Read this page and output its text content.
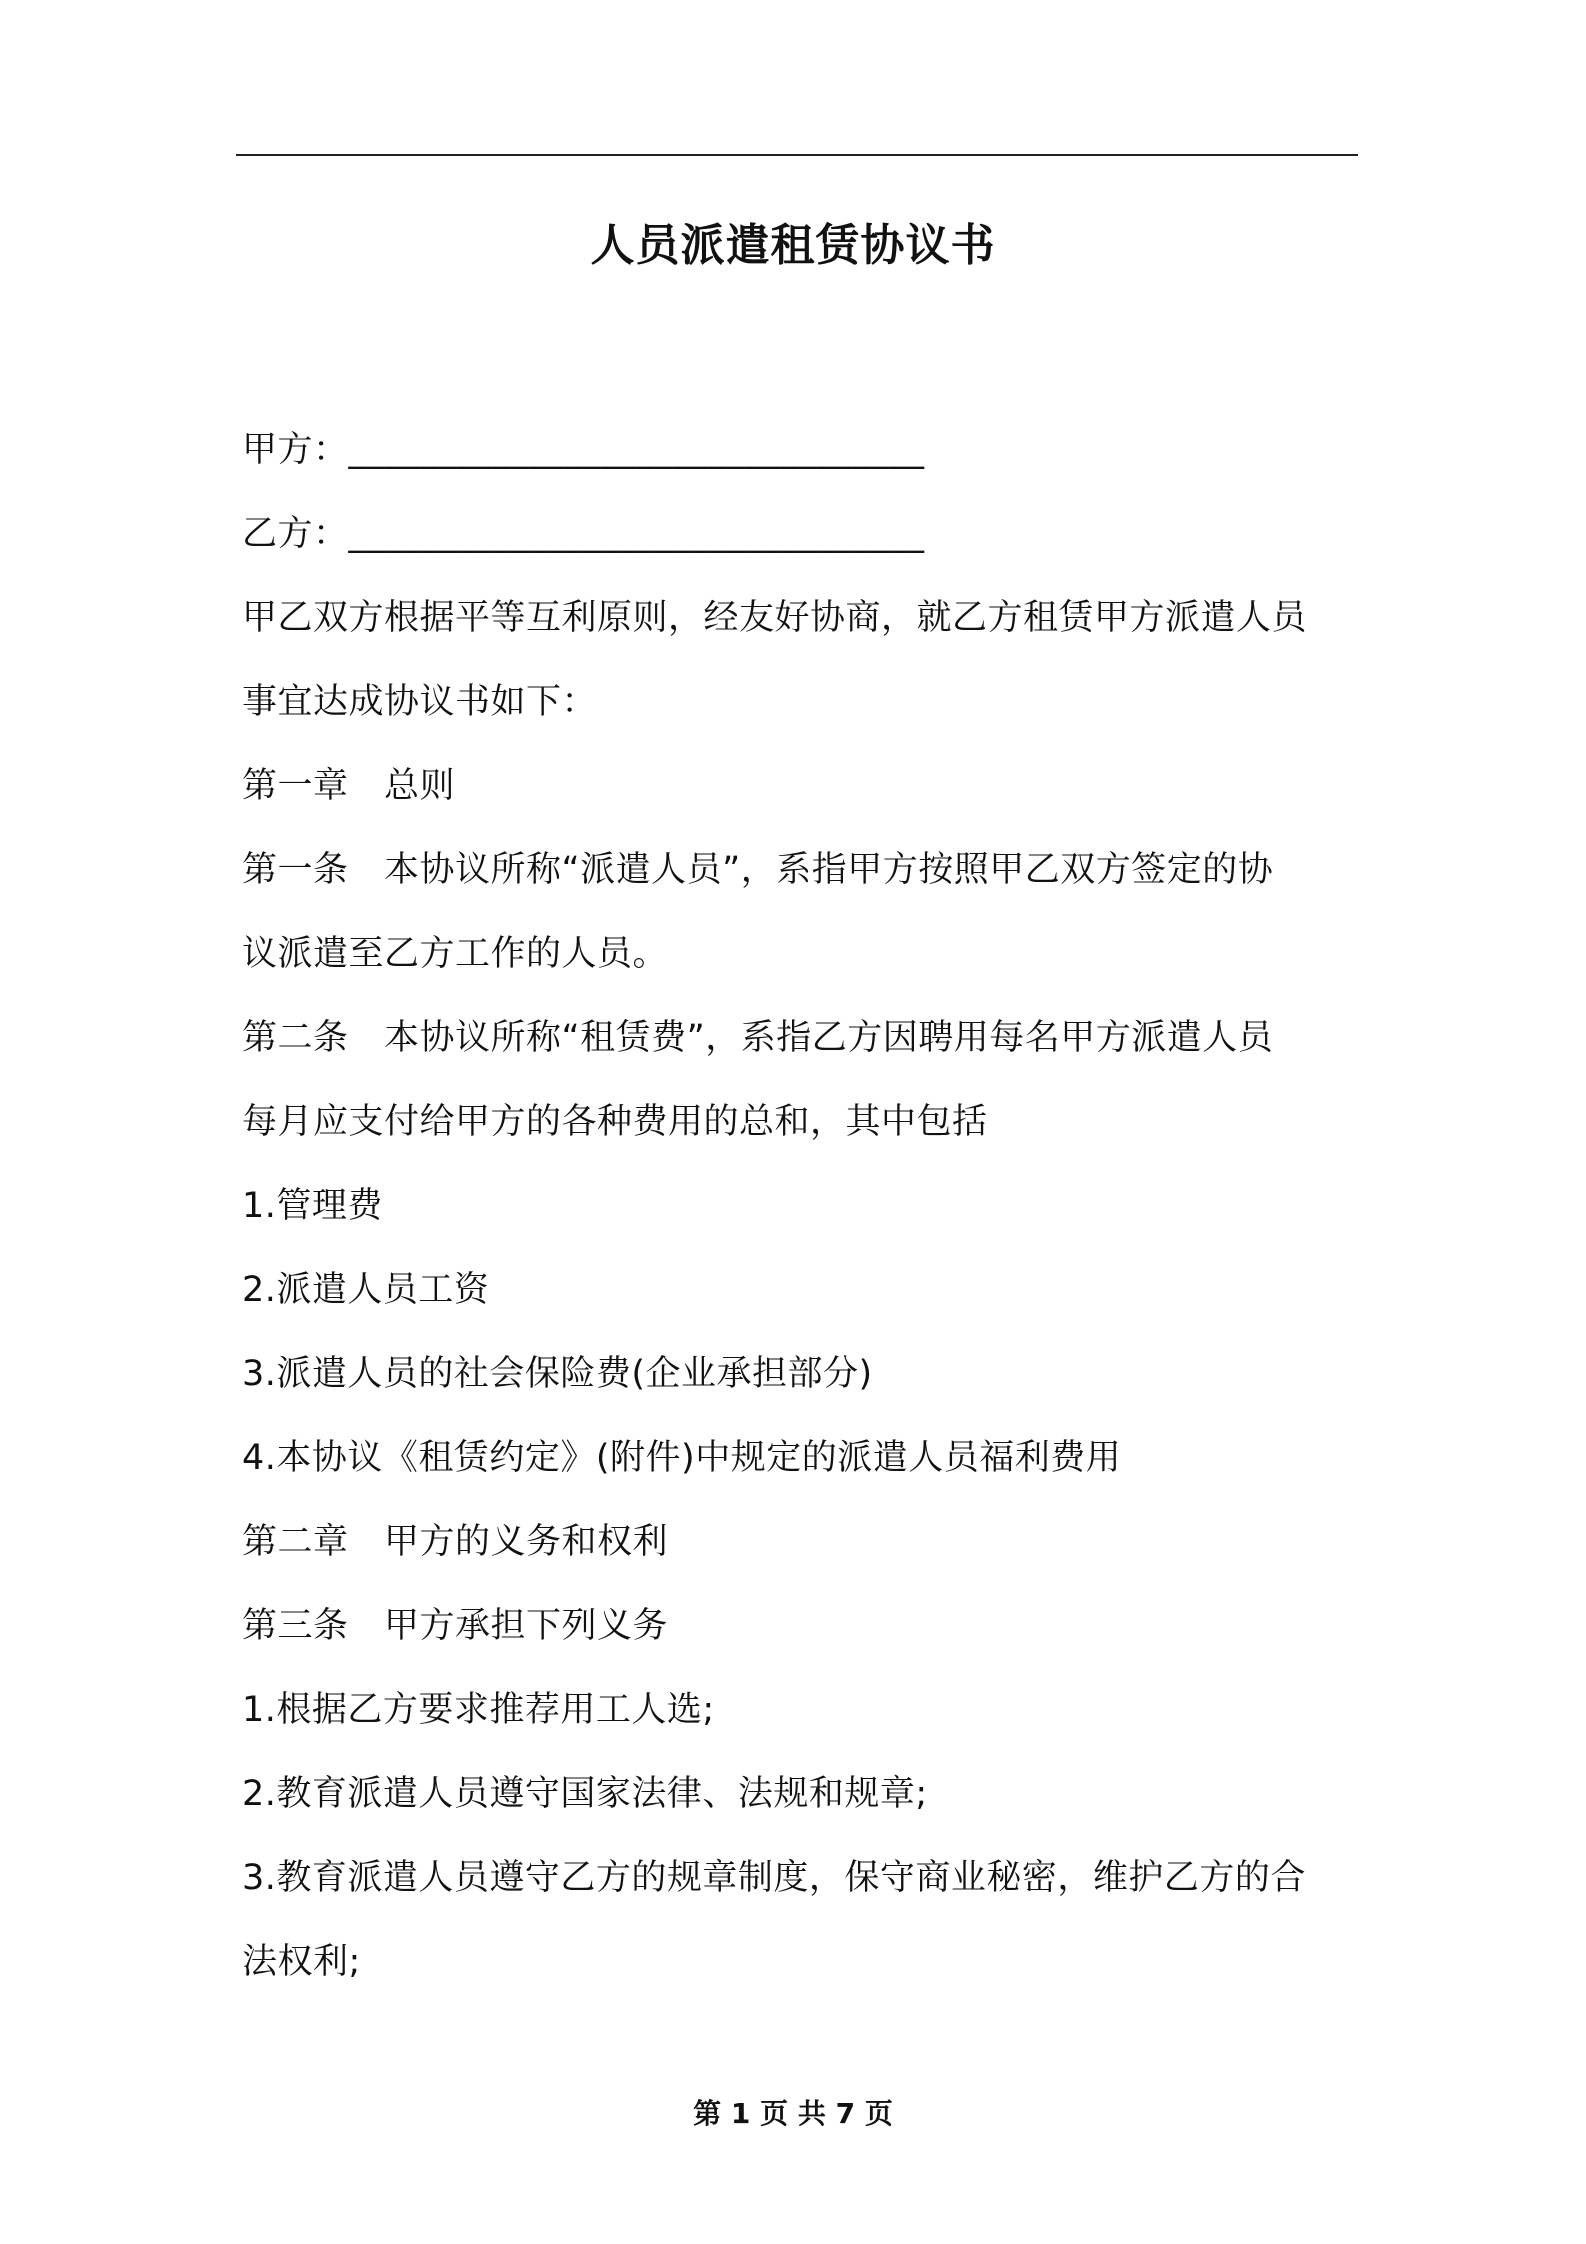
人员派遣租赁协议书
甲方：________________________________
乙方：________________________________
甲乙双方根据平等互利原则，经友好协商，就乙方租赁甲方派遣人员
事宜达成协议书如下：
第一章　总则
第一条　本协议所称“派遣人员”，系指甲方按照甲乙双方签定的协
议派遣至乙方工作的人员。
第二条　本协议所称“租赁费”，系指乙方因聘用每名甲方派遣人员
每月应支付给甲方的各种费用的总和，其中包括
1.管理费
2.派遣人员工资
3.派遣人员的社会保险费(企业承担部分)
4.本协议《租赁约定》(附件)中规定的派遣人员福利费用
第二章　甲方的义务和权利
第三条　甲方承担下列义务
1.根据乙方要求推荐用工人选;
2.教育派遣人员遵守国家法律、法规和规章;
3.教育派遣人员遵守乙方的规章制度，保守商业秘密，维护乙方的合
法权利;
第 1 页 共 7 页
